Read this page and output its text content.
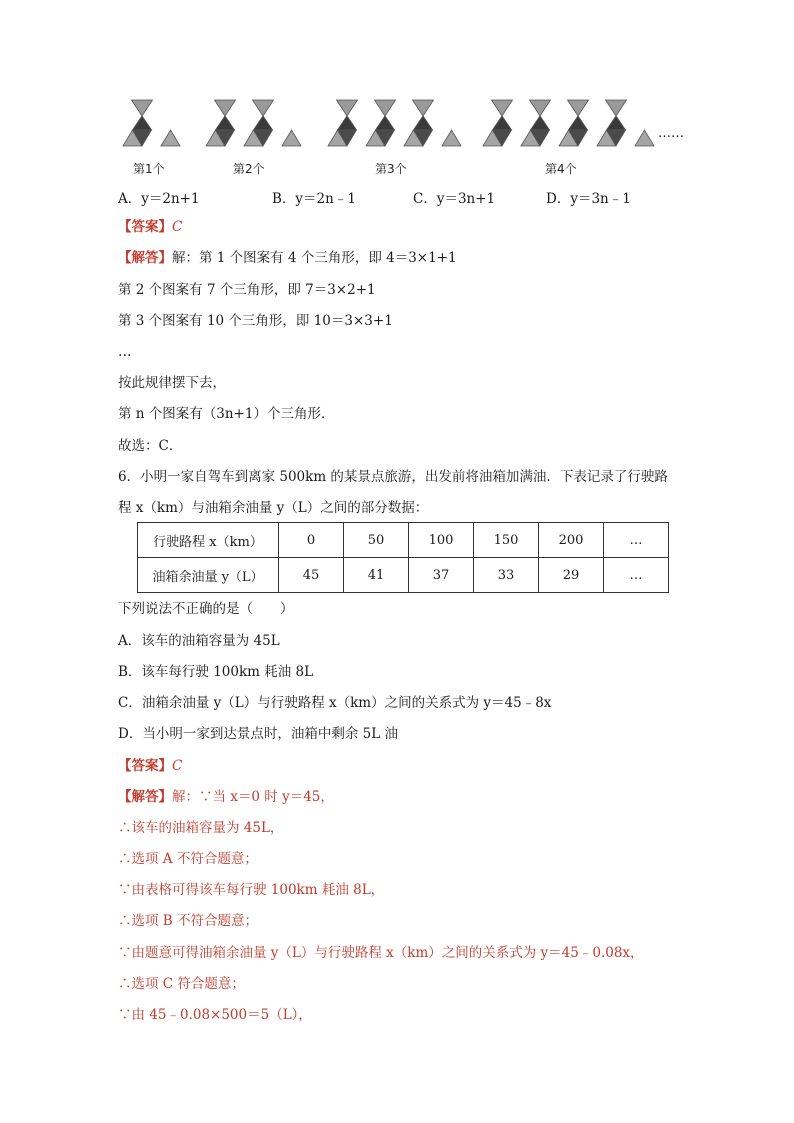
……
第1个	第2个	第3个	第4个
A．y＝2n+1	B．y＝2n﹣1	C．y＝3n+1	D．y＝3n﹣1
【答案】C
【解答】解：第 1 个图案有 4 个三角形，即 4＝3×1+1
第 2 个图案有 7 个三角形，即 7＝3×2+1
第 3 个图案有 10 个三角形，即 10＝3×3+1
…
按此规律摆下去，
第 n 个图案有（3n+1）个三角形．
故选：C．
6．小明一家自驾车到离家 500km 的某景点旅游，出发前将油箱加满油．下表记录了行驶路
程 x（km）与油箱余油量 y（L）之间的部分数据：
行驶路程 x（km）	0	50	100	150	200	…
油箱余油量 y（L）	45	41	37	33	29	…
下列说法不正确的是（　　）
A．该车的油箱容量为 45L
B．该车每行驶 100km 耗油 8L
C．油箱余油量 y（L）与行驶路程 x（km）之间的关系式为 y＝45﹣8x
D．当小明一家到达景点时，油箱中剩余 5L 油
【答案】C
【解答】解：∵当 x＝0 时 y＝45，
∴该车的油箱容量为 45L，
∴选项 A 不符合题意；
∵由表格可得该车每行驶 100km 耗油 8L，
∴选项 B 不符合题意；
∵由题意可得油箱余油量 y（L）与行驶路程 x（km）之间的关系式为 y＝45﹣0.08x，
∴选项 C 符合题意；
∵由 45﹣0.08×500＝5（L），
